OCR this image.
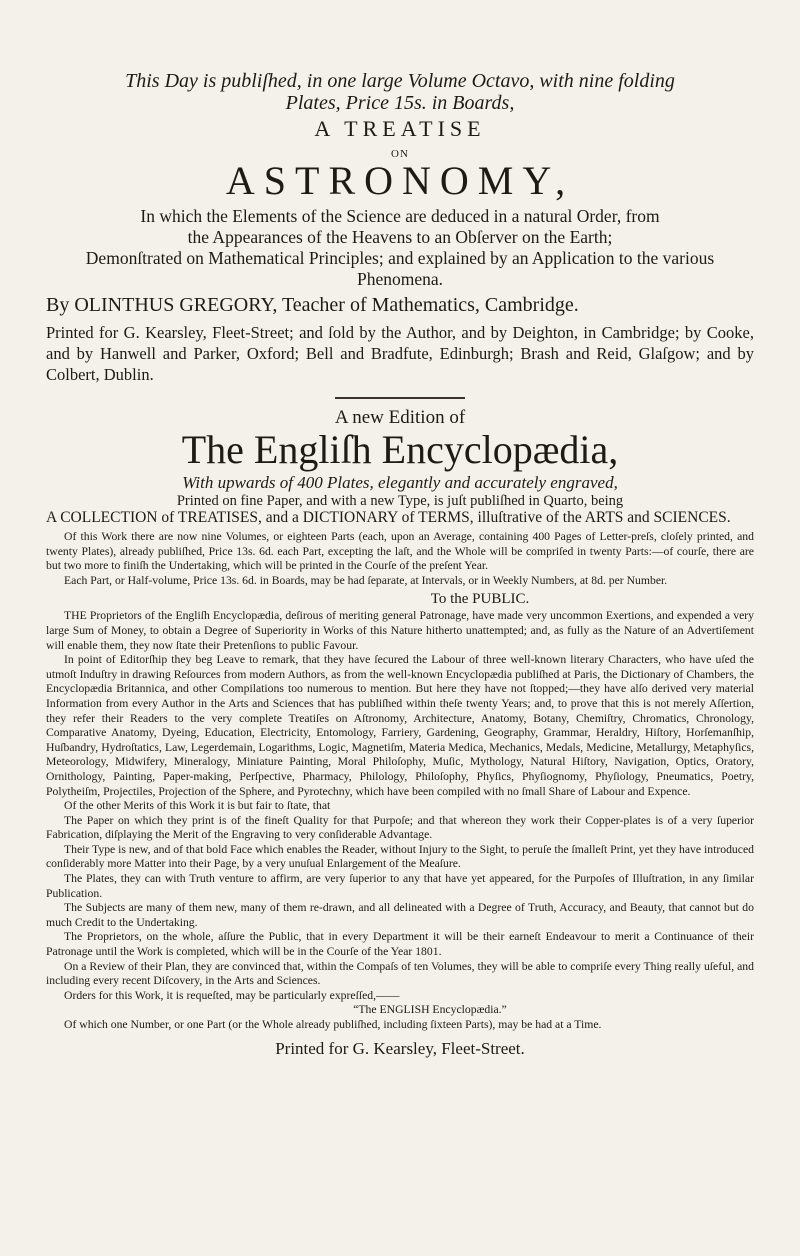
This Day is publiſhed, in one large Volume Octavo, with nine folding
Plates, Price 15s. in Boards,
A TREATISE
ON
ASTRONOMY,
In which the Elements of the Science are deduced in a natural Order, from
the Appearances of the Heavens to an Obſerver on the Earth;
Demonſtrated on Mathematical Principles; and explained by an Application to the various
Phenomena.
By OLINTHUS GREGORY, Teacher of Mathematics, Cambridge.
Printed for G. Kearsley, Fleet-Street; and ſold by the Author, and by Deighton, in Cambridge; by Cooke, and by Hanwell and Parker, Oxford; Bell and Bradfute, Edinburgh; Brash and Reid, Glaſgow; and by Colbert, Dublin.
A new Edition of
The Engliſh Encyclopædia,
With upwards of 400 Plates, elegantly and accurately engraved,
Printed on fine Paper, and with a new Type, is juſt publiſhed in Quarto, being
A COLLECTION of TREATISES, and a DICTIONARY of TERMS, illuſtrative of the ARTS and SCIENCES.

Of this Work there are now nine Volumes, or eighteen Parts (each, upon an Average, containing 400 Pages of Letter-preſs, cloſely printed, and twenty Plates), already publiſhed, Price 13s. 6d. each Part, excepting the laſt, and the Whole will be compriſed in twenty Parts:—of courſe, there are but two more to finiſh the Undertaking, which will be printed in the Courſe of the preſent Year.

Each Part, or Half-volume, Price 13s. 6d. in Boards, may be had ſeparate, at Intervals, or in Weekly Numbers, at 8d. per Number.

To the PUBLIC.

THE Proprietors of the Engliſh Encyclopædia, deſirous of meriting general Patronage, have made very uncommon Exertions, and expended a very large Sum of Money, to obtain a Degree of Superiority in Works of this Nature hitherto unattempted; and, as fully as the Nature of an Advertiſement will enable them, they now ſtate their Pretenſions to public Favour.

In point of Editorſhip they beg Leave to remark, that they have ſecured the Labour of three well-known literary Characters, who have uſed the utmoſt Induſtry in drawing Reſources from modern Authors, as from the well-known Encyclopædia publiſhed at Paris, the Dictionary of Chambers, the Encyclopædia Britannica, and other Compilations too numerous to mention. But here they have not ſtopped;—they have alſo derived very material Information from every Author in the Arts and Sciences that has publiſhed within theſe twenty Years; and, to prove that this is not merely Aſſertion, they refer their Readers to the very complete Treatiſes on Aſtronomy, Architecture, Anatomy, Botany, Chemiſtry, Chromatics, Chronology, Comparative Anatomy, Dyeing, Education, Electricity, Entomology, Farriery, Gardening, Geography, Grammar, Heraldry, Hiſtory, Horſemanſhip, Huſbandry, Hydroſtatics, Law, Legerdemain, Logarithms, Logic, Magnetiſm, Materia Medica, Mechanics, Medals, Medicine, Metallurgy, Metaphyſics, Meteorology, Midwifery, Mineralogy, Miniature Painting, Moral Philoſophy, Muſic, Mythology, Natural Hiſtory, Navigation, Optics, Oratory, Ornithology, Painting, Paper-making, Perſpective, Pharmacy, Philology, Philoſophy, Phyſics, Phyſiognomy, Phyſiology, Pneumatics, Poetry, Polytheiſm, Projectiles, Projection of the Sphere, and Pyrotechny, which have been compiled with no ſmall Share of Labour and Expence.

Of the other Merits of this Work it is but fair to ſtate, that

The Paper on which they print is of the fineſt Quality for that Purpoſe; and that whereon they work their Copper-plates is of a very ſuperior Fabrication, diſplaying the Merit of the Engraving to very conſiderable Advantage.

Their Type is new, and of that bold Face which enables the Reader, without Injury to the Sight, to peruſe the ſmalleſt Print, yet they have introduced conſiderably more Matter into their Page, by a very unuſual Enlargement of the Meaſure.

The Plates, they can with Truth venture to affirm, are very ſuperior to any that have yet appeared, for the Purpoſes of Illuſtration, in any ſimilar Publication.

The Subjects are many of them new, many of them re-drawn, and all delineated with a Degree of Truth, Accuracy, and Beauty, that cannot but do much Credit to the Undertaking.

The Proprietors, on the whole, aſſure the Public, that in every Department it will be their earneſt Endeavour to merit a Continuance of their Patronage until the Work is completed, which will be in the Courſe of the Year 1801.

On a Review of their Plan, they are convinced that, within the Compaſs of ten Volumes, they will be able to compriſe every Thing really uſeful, and including every recent Diſcovery, in the Arts and Sciences.

Orders for this Work, it is requeſted, may be particularly expreſſed,——

“The ENGLISH Encyclopædia.”

Of which one Number, or one Part (or the Whole already publiſhed, including ſixteen Parts), may be had at a Time.

Printed for G. Kearsley, Fleet-Street.
